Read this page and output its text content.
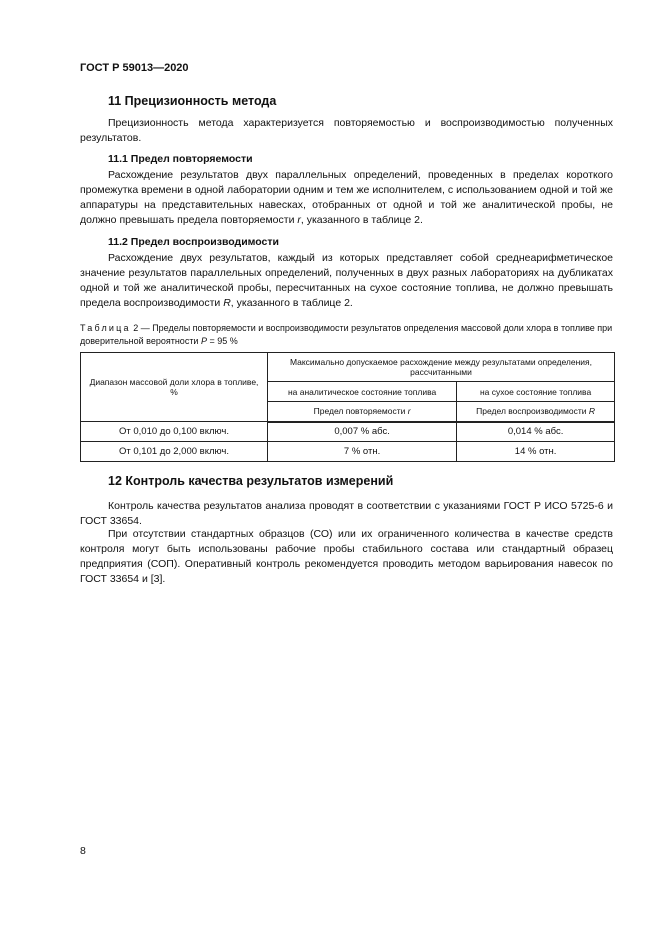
ГОСТ Р 59013—2020
11 Прецизионность метода

Прецизионность метода характеризуется повторяемостью и воспроизводимостью полученных результатов.

11.1 Предел повторяемости

Расхождение результатов двух параллельных определений, проведенных в пределах короткого промежутка времени в одной лаборатории одним и тем же исполнителем, с использованием одной и той же аппаратуры на представительных навесках, отобранных от одной и той же аналитической пробы, не должно превышать предела повторяемости r, указанного в таблице 2.

11.2 Предел воспроизводимости

Расхождение двух результатов, каждый из которых представляет собой среднеарифметическое значение результатов параллельных определений, полученных в двух разных лабораториях на дубликатах одной и той же аналитической пробы, пересчитанных на сухое состояние топлива, не должно превышать предела воспроизводимости R, указанного в таблице 2.

Таблица 2 — Пределы повторяемости и воспроизводимости результатов определения массовой доли хлора в топливе при доверительной вероятности P = 95 %
Диапазон массовой доли хлора в топливе, %	Максимально допускаемое расхождение между результатами определения, рассчитанными	
	на аналитическое состояние топлива	на сухое состояние топлива
	Предел повторяемости r	Предел воспроизводимости R
От 0,010 до 0,100 включ.	0,007 % абс.	0,014 % абс.
От 0,101 до 2,000 включ.	7 % отн.	14 % отн.
12 Контроль качества результатов измерений

Контроль качества результатов анализа проводят в соответствии с указаниями ГОСТ Р ИСО 5725-6 и ГОСТ 33654.

При отсутствии стандартных образцов (СО) или их ограниченного количества в качестве средств контроля могут быть использованы рабочие пробы стабильного состава или стандартный образец предприятия (СОП). Оперативный контроль рекомендуется проводить методом варьирования навесок по ГОСТ 33654 и [3].

8
